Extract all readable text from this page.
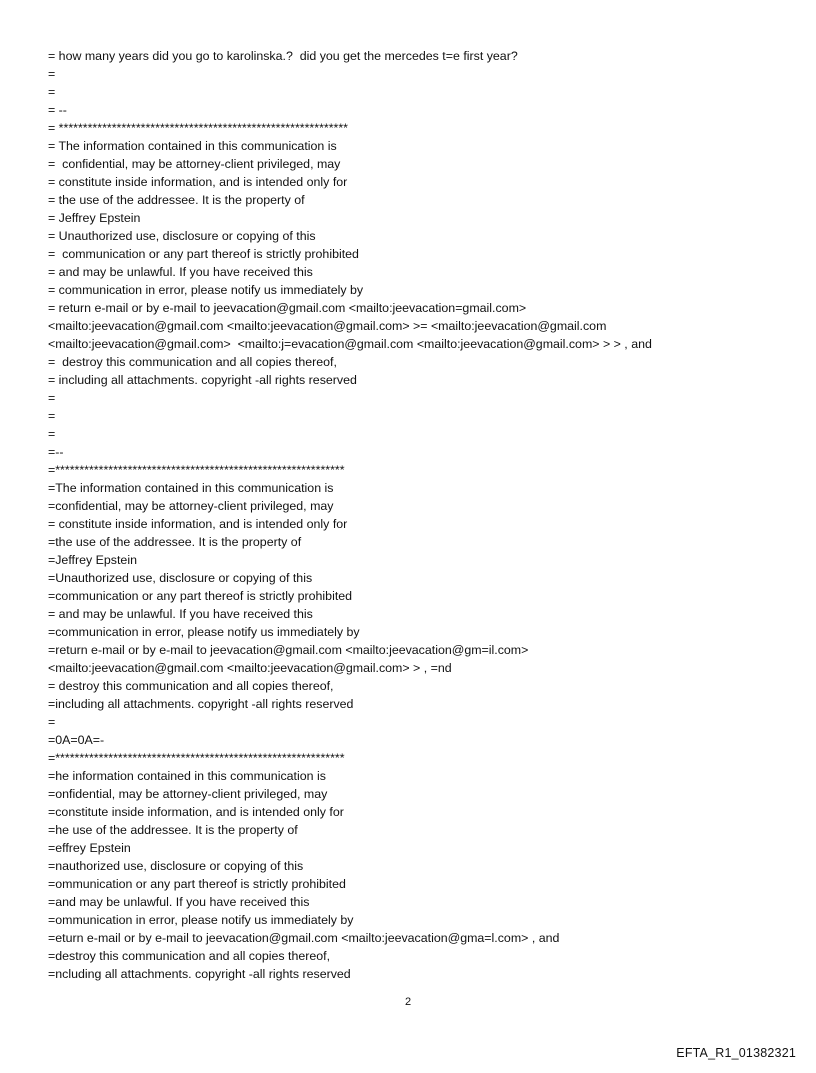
= how many years did you go to karolinska.?  did you get the mercedes t=e first year?
=
=
= --
= ************************************************************
= The information contained in this communication is
=  confidential, may be attorney-client privileged, may
= constitute inside information, and is intended only for
= the use of the addressee. It is the property of
= Jeffrey Epstein
= Unauthorized use, disclosure or copying of this
=  communication or any part thereof is strictly prohibited
= and may be unlawful. If you have received this
= communication in error, please notify us immediately by
= return e-mail or by e-mail to jeevacation@gmail.com <mailto:jeevacation=gmail.com>
<mailto:jeevacation@gmail.com <mailto:jeevacation@gmail.com> >= <mailto:jeevacation@gmail.com
<mailto:jeevacation@gmail.com>  <mailto:j=evacation@gmail.com <mailto:jeevacation@gmail.com> > > , and
=  destroy this communication and all copies thereof,
= including all attachments. copyright -all rights reserved
=
=
=
=--
=************************************************************
=The information contained in this communication is
=confidential, may be attorney-client privileged, may
= constitute inside information, and is intended only for
=the use of the addressee. It is the property of
=Jeffrey Epstein
=Unauthorized use, disclosure or copying of this
=communication or any part thereof is strictly prohibited
= and may be unlawful. If you have received this
=communication in error, please notify us immediately by
=return e-mail or by e-mail to jeevacation@gmail.com <mailto:jeevacation@gm=il.com>
<mailto:jeevacation@gmail.com <mailto:jeevacation@gmail.com> > , =nd
= destroy this communication and all copies thereof,
=including all attachments. copyright -all rights reserved
=
=0A=0A=-
=************************************************************
=he information contained in this communication is
=onfidential, may be attorney-client privileged, may
=constitute inside information, and is intended only for
=he use of the addressee. It is the property of
=effrey Epstein
=nauthorized use, disclosure or copying of this
=ommunication or any part thereof is strictly prohibited
=and may be unlawful. If you have received this
=ommunication in error, please notify us immediately by
=eturn e-mail or by e-mail to jeevacation@gmail.com <mailto:jeevacation@gma=l.com> , and
=destroy this communication and all copies thereof,
=ncluding all attachments. copyright -all rights reserved
2
EFTA_R1_01382321
